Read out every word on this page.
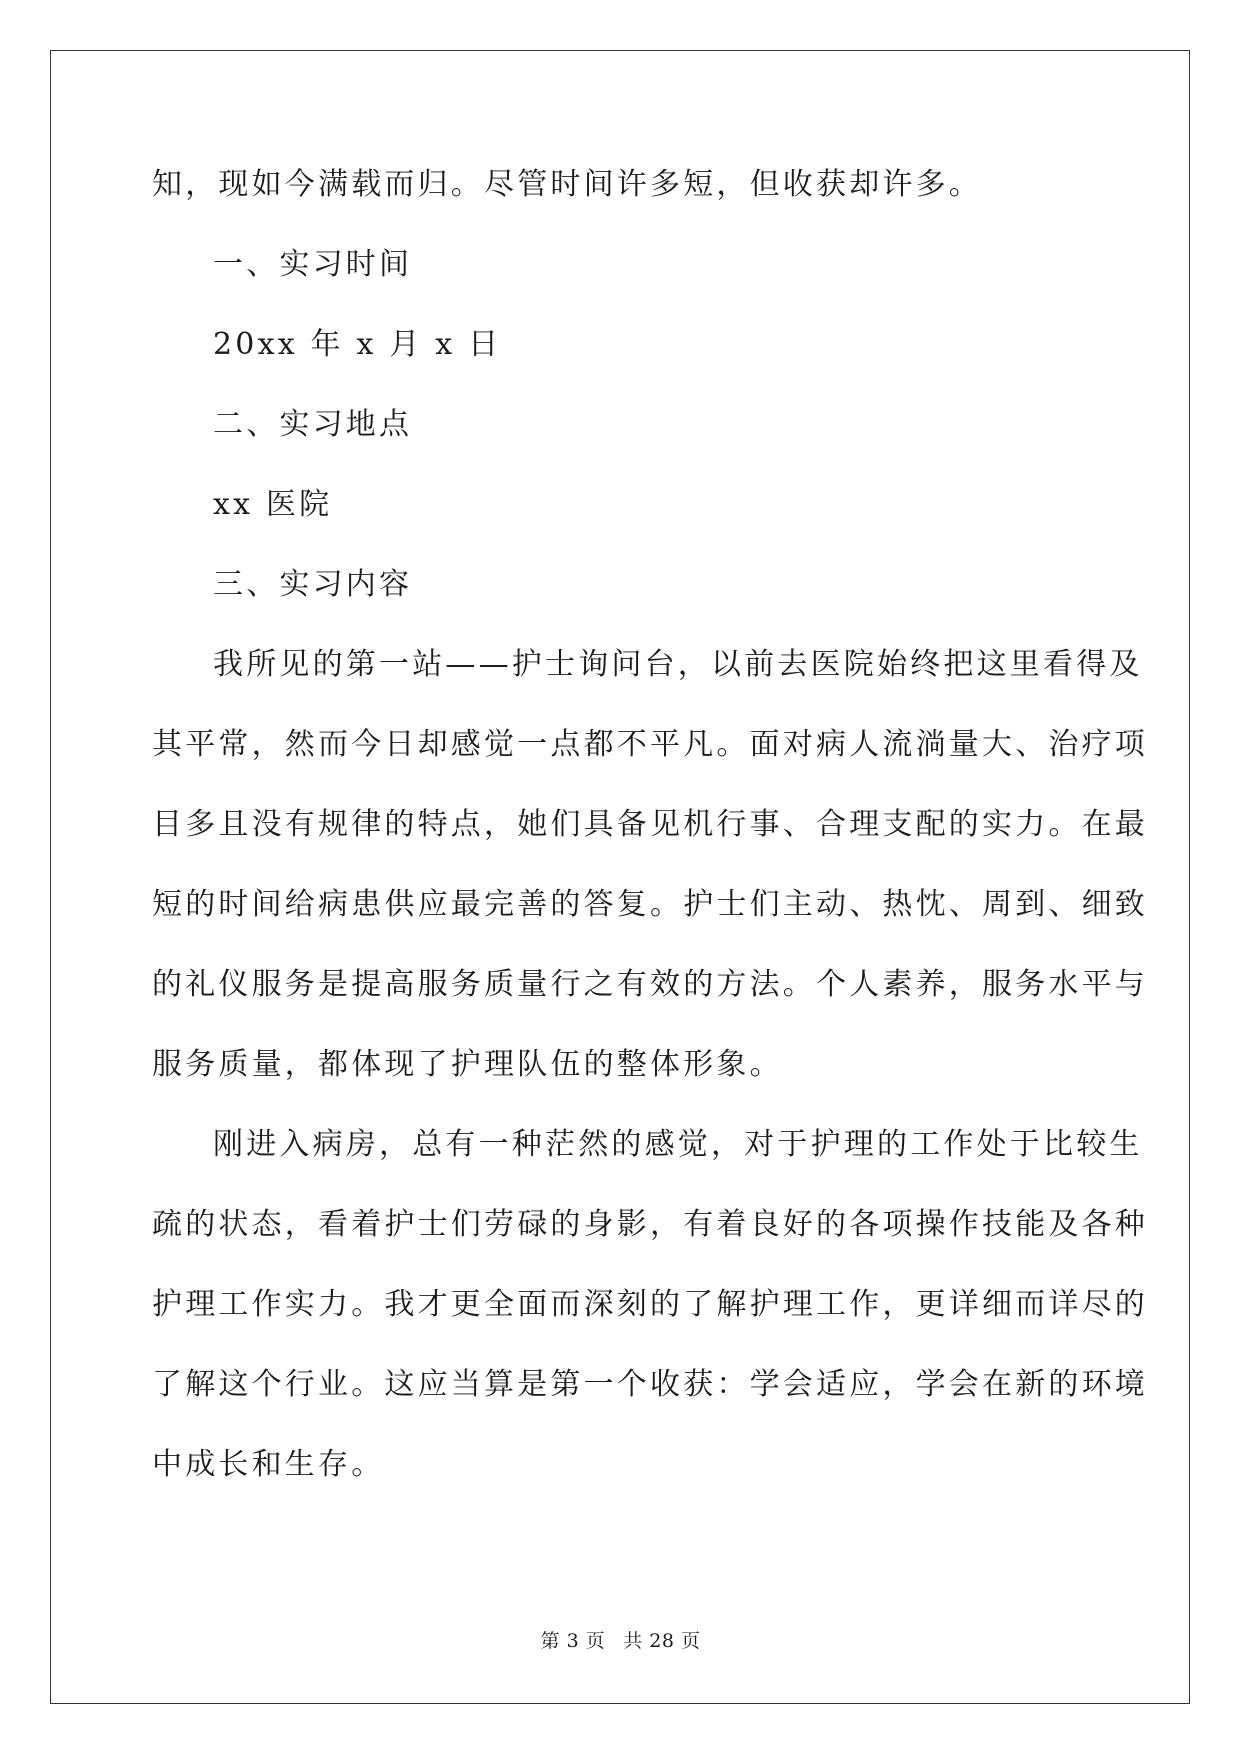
知，现如今满载而归。尽管时间许多短，但收获却许多。
一、实习时间
20xx 年 x 月 x 日
二、实习地点
xx 医院
三、实习内容
我所见的第一站——护士询问台，以前去医院始终把这里看得及
其平常，然而今日却感觉一点都不平凡。面对病人流淌量大、治疗项
目多且没有规律的特点，她们具备见机行事、合理支配的实力。在最
短的时间给病患供应最完善的答复。护士们主动、热忱、周到、细致
的礼仪服务是提高服务质量行之有效的方法。个人素养，服务水平与
服务质量，都体现了护理队伍的整体形象。
刚进入病房，总有一种茫然的感觉，对于护理的工作处于比较生
疏的状态，看着护士们劳碌的身影，有着良好的各项操作技能及各种
护理工作实力。我才更全面而深刻的了解护理工作，更详细而详尽的
了解这个行业。这应当算是第一个收获：学会适应，学会在新的环境
中成长和生存。
第 3 页 共 28 页
